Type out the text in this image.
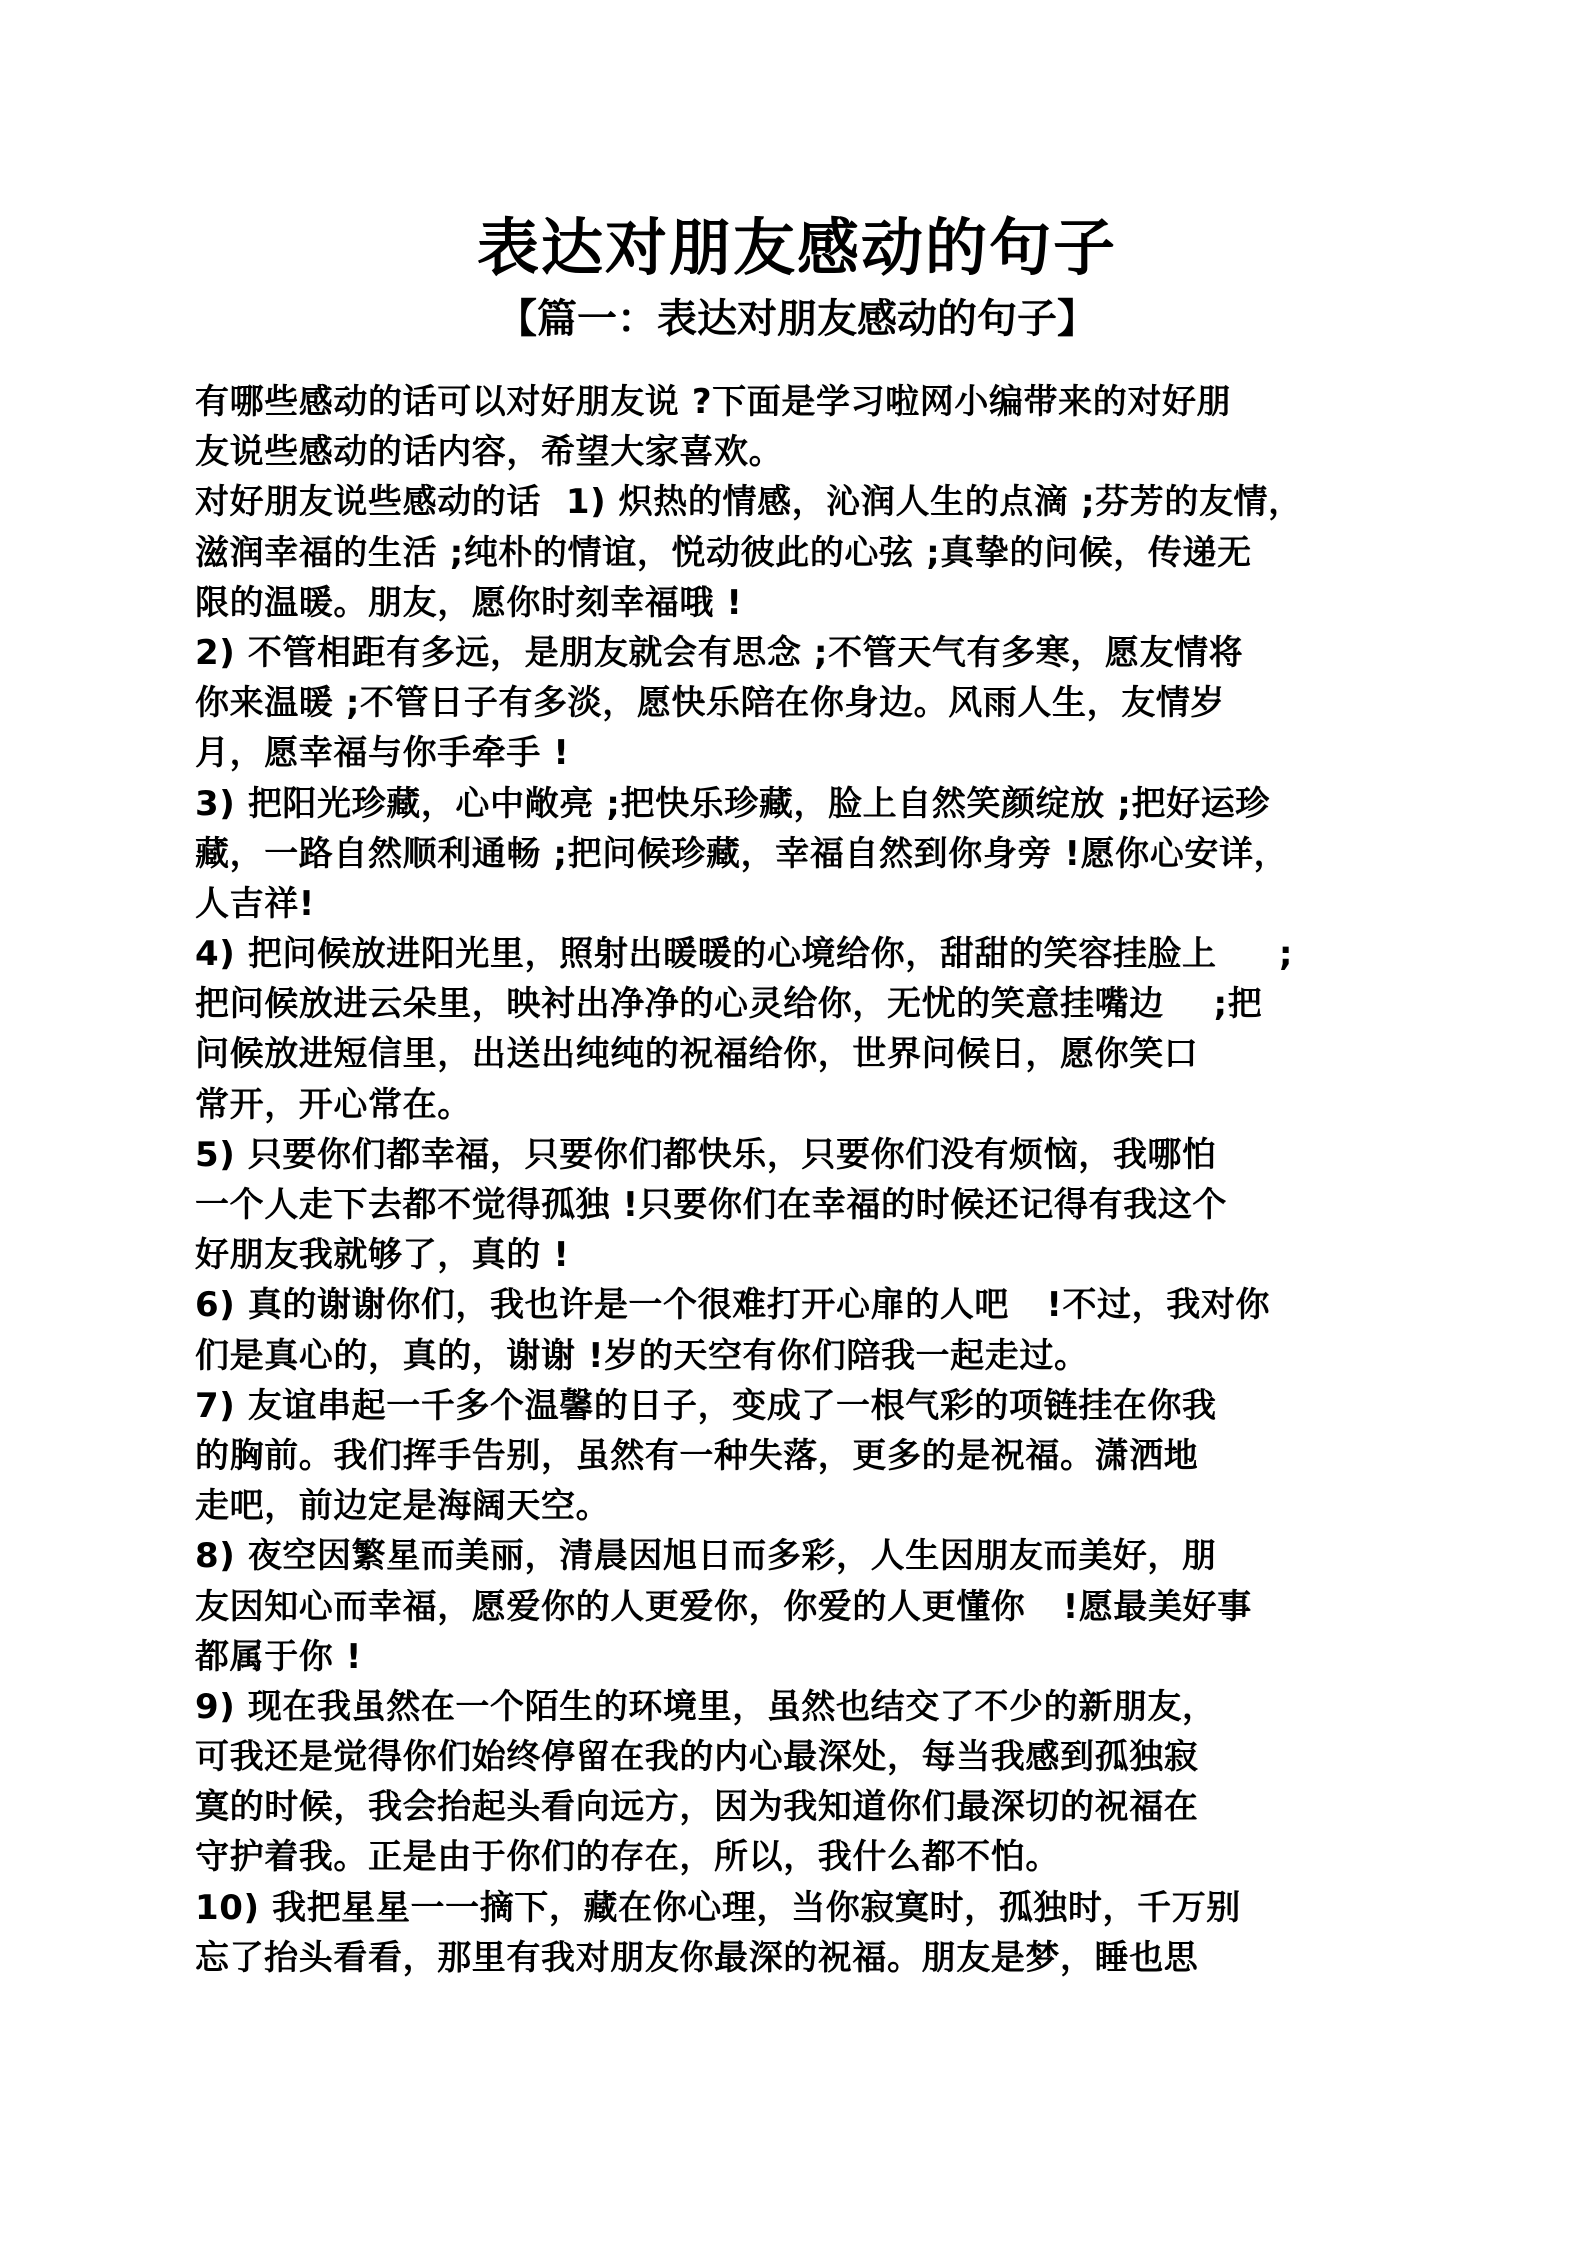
表达对朋友感动的句子
【篇一：表达对朋友感动的句子】

有哪些感动的话可以对好朋友说 ?下面是学习啦网小编带来的对好朋

友说些感动的话内容，希望大家喜欢。

对好朋友说些感动的话  1) 炽热的情感，沁润人生的点滴 ;芬芳的友情，

滋润幸福的生活 ;纯朴的情谊，悦动彼此的心弦 ;真挚的问候，传递无

限的温暖。朋友，愿你时刻幸福哦 !

2) 不管相距有多远，是朋友就会有思念 ;不管天气有多寒，愿友情将

你来温暖 ;不管日子有多淡，愿快乐陪在你身边。风雨人生，友情岁

月，愿幸福与你手牵手 !

3) 把阳光珍藏，心中敞亮 ;把快乐珍藏，脸上自然笑颜绽放 ;把好运珍

藏，一路自然顺利通畅 ;把问候珍藏，幸福自然到你身旁 !愿你心安详，

人吉祥!

4) 把问候放进阳光里，照射出暖暖的心境给你，甜甜的笑容挂脸上     ;

把问候放进云朵里，映衬出净净的心灵给你，无忧的笑意挂嘴边    ;把

问候放进短信里，出送出纯纯的祝福给你，世界问候日，愿你笑口

常开，开心常在。

5) 只要你们都幸福，只要你们都快乐，只要你们没有烦恼，我哪怕

一个人走下去都不觉得孤独 !只要你们在幸福的时候还记得有我这个

好朋友我就够了，真的 !

6) 真的谢谢你们，我也许是一个很难打开心扉的人吧   !不过，我对你

们是真心的，真的，谢谢 !岁的天空有你们陪我一起走过。

7) 友谊串起一千多个温馨的日子，变成了一根气彩的项链挂在你我

的胸前。我们挥手告别，虽然有一种失落，更多的是祝福。潇洒地

走吧，前边定是海阔天空。

8) 夜空因繁星而美丽，清晨因旭日而多彩，人生因朋友而美好，朋

友因知心而幸福，愿爱你的人更爱你，你爱的人更懂你   !愿最美好事

都属于你 !

9) 现在我虽然在一个陌生的环境里，虽然也结交了不少的新朋友，

可我还是觉得你们始终停留在我的内心最深处，每当我感到孤独寂

寞的时候，我会抬起头看向远方，因为我知道你们最深切的祝福在

守护着我。正是由于你们的存在，所以，我什么都不怕。

10) 我把星星一一摘下，藏在你心理，当你寂寞时，孤独时，千万别

忘了抬头看看，那里有我对朋友你最深的祝福。朋友是梦，睡也思
